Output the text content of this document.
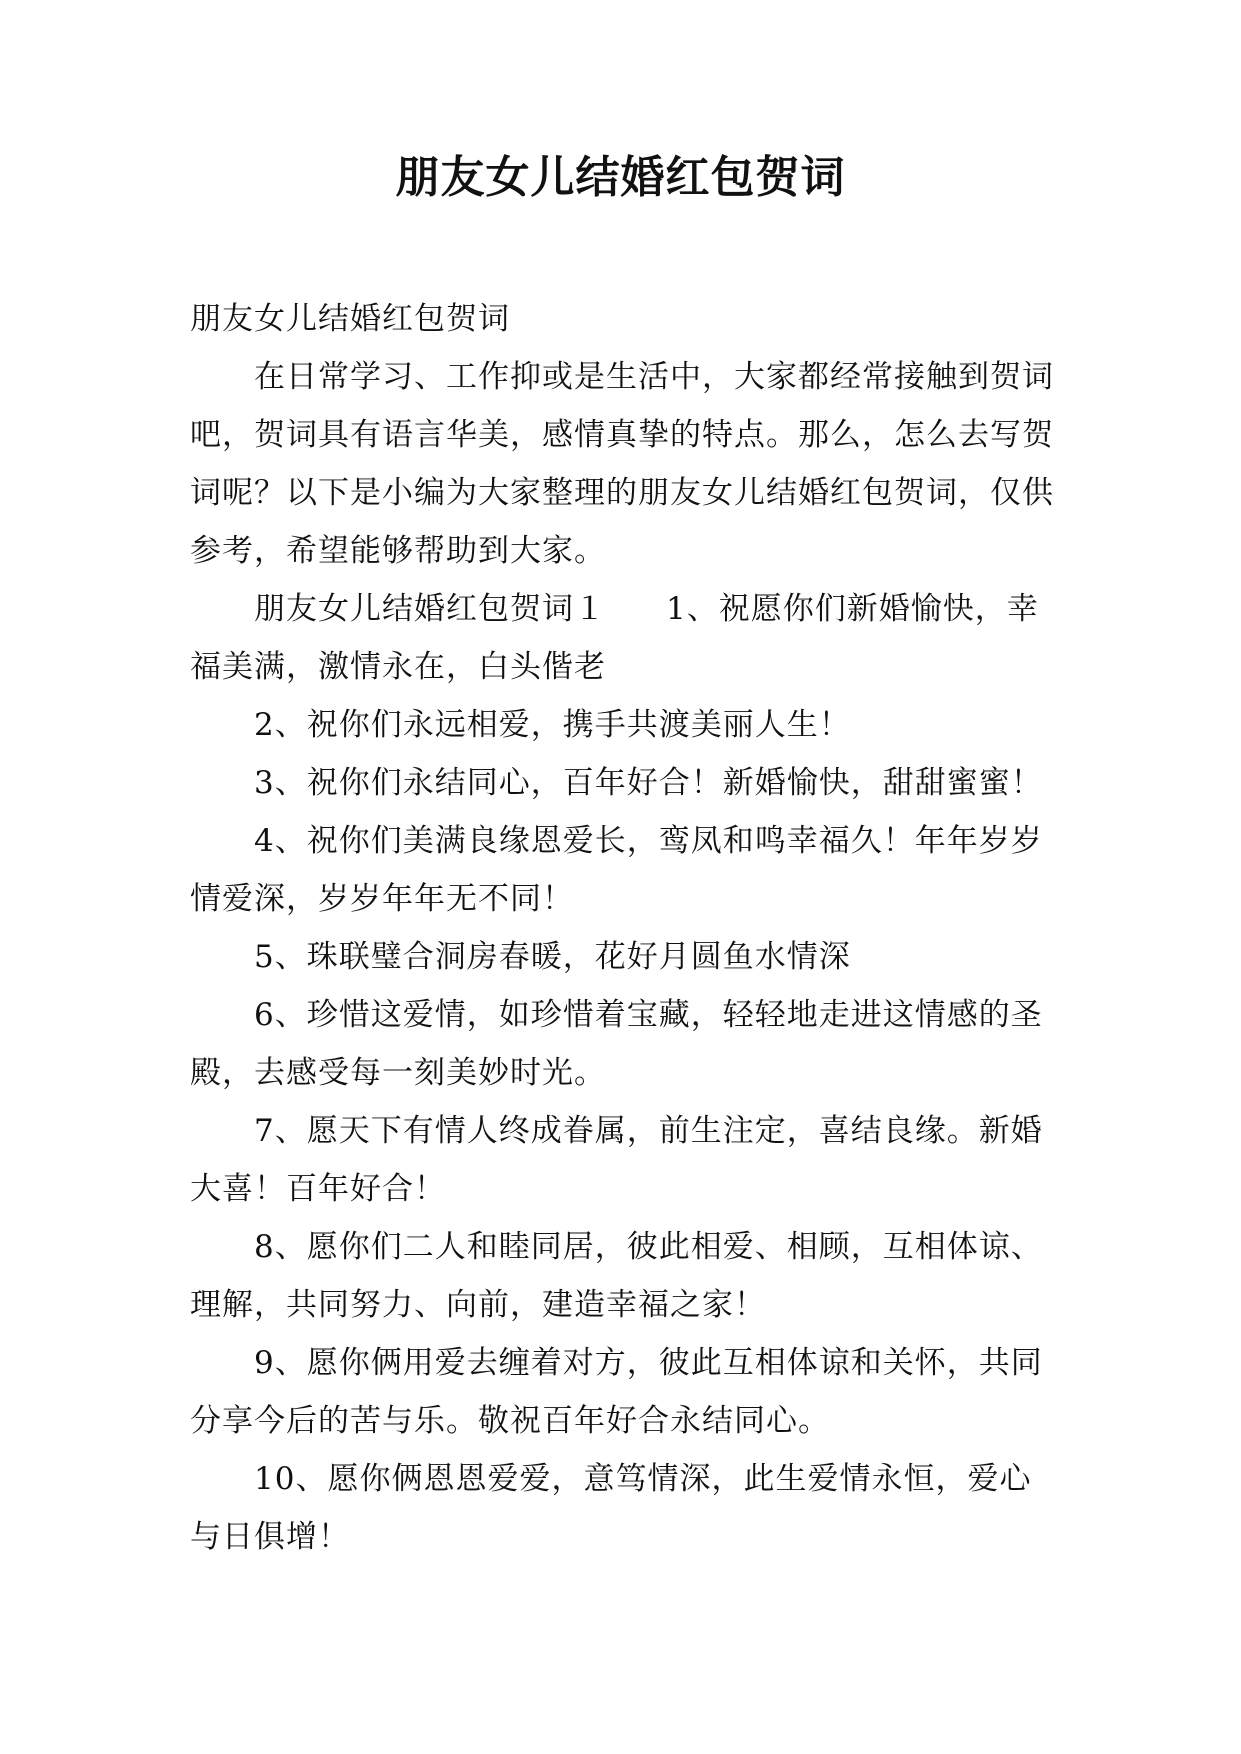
朋友女儿结婚红包贺词

朋友女儿结婚红包贺词

在日常学习、工作抑或是生活中，大家都经常接触到贺词吧，贺词具有语言华美，感情真挚的特点。那么，怎么去写贺词呢？以下是小编为大家整理的朋友女儿结婚红包贺词，仅供参考，希望能够帮助到大家。

朋友女儿结婚红包贺词１ 1、祝愿你们新婚愉快，幸福美满，激情永在，白头偕老

2、祝你们永远相爱，携手共渡美丽人生！

3、祝你们永结同心，百年好合！新婚愉快，甜甜蜜蜜！

4、祝你们美满良缘恩爱长，鸾凤和鸣幸福久！年年岁岁情爱深，岁岁年年无不同！

5、珠联璧合洞房春暖，花好月圆鱼水情深

6、珍惜这爱情，如珍惜着宝藏，轻轻地走进这情感的圣殿，去感受每一刻美妙时光。

7、愿天下有情人终成眷属，前生注定，喜结良缘。新婚大喜！百年好合！

8、愿你们二人和睦同居，彼此相爱、相顾，互相体谅、理解，共同努力、向前，建造幸福之家！

9、愿你俩用爱去缠着对方，彼此互相体谅和关怀，共同分享今后的苦与乐。敬祝百年好合永结同心。

10、愿你俩恩恩爱爱，意笃情深，此生爱情永恒，爱心与日俱增！
